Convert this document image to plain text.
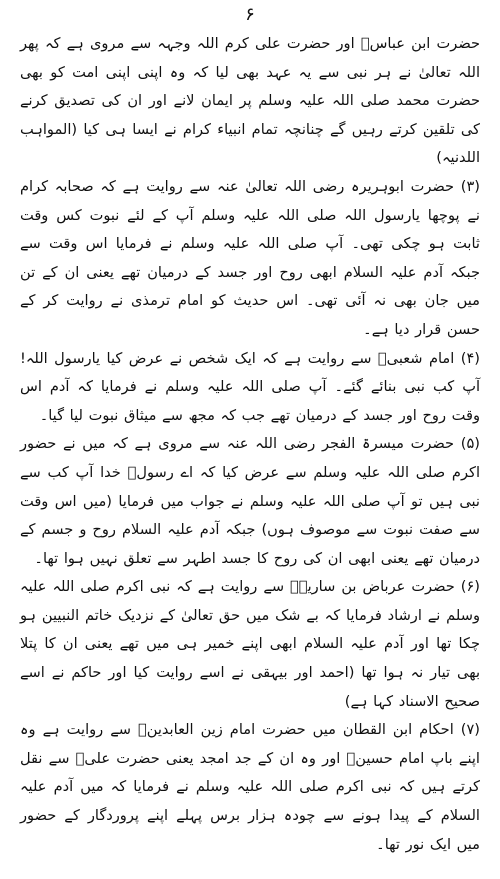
۶

حضرت ابن عباسؓ اور حضرت علی کرم اللہ وجہہ سے مروی ہے کہ پھر اللہ تعالیٰ نے ہر نبی سے یہ عہد بھی لیا کہ وہ اپنی اپنی امت کو بھی حضرت محمد صلی اللہ علیہ وسلم پر ایمان لانے اور ان کی تصدیق کرنے کی تلقین کرتے رہیں گے چنانچہ تمام انبیاء کرام نے ایسا ہی کیا (المواہب اللدنیہ)

(۳) حضرت ابوہریرہ رضی اللہ تعالیٰ عنہ سے روایت ہے کہ صحابہ کرام نے پوچھا یارسول اللہ صلی اللہ علیہ وسلم آپ کے لئے نبوت کس وقت ثابت ہو چکی تھی۔ آپ صلی اللہ علیہ وسلم نے فرمایا اس وقت سے جبکہ آدم علیہ السلام ابھی روح اور جسد کے درمیان تھے یعنی ان کے تن میں جان بھی نہ آئی تھی۔ اس حدیث کو امام ترمذی نے روایت کر کے حسن قرار دیا ہے۔

(۴) امام شعبیؒ سے روایت ہے کہ ایک شخص نے عرض کیا یارسول اللہ! آپ کب نبی بنائے گئے۔ آپ صلی اللہ علیہ وسلم نے فرمایا کہ آدم اس وقت روح اور جسد کے درمیان تھے جب کہ مجھ سے میثاق نبوت لیا گیا۔

(۵) حضرت میسرۃ الفجر رضی اللہ عنہ سے مروی ہے کہ میں نے حضور اکرم صلی اللہ علیہ وسلم سے عرض کیا کہ اے رسولؐ خدا آپ کب سے نبی ہیں تو آپ صلی اللہ علیہ وسلم نے جواب میں فرمایا (میں اس وقت سے صفت نبوت سے موصوف ہوں) جبکہ آدم علیہ السلام روح و جسم کے درمیان تھے یعنی ابھی ان کی روح کا جسد اطہر سے تعلق نہیں ہوا تھا۔

(۶) حضرت عرباض بن ساریہؓ سے روایت ہے کہ نبی اکرم صلی اللہ علیہ وسلم نے ارشاد فرمایا کہ بے شک میں حق تعالیٰ کے نزدیک خاتم النبیین ہو چکا تھا اور آدم علیہ السلام ابھی اپنے خمیر ہی میں تھے یعنی ان کا پتلا بھی تیار نہ ہوا تھا (احمد اور بیہقی نے اسے روایت کیا اور حاکم نے اسے صحیح الاسناد کہا ہے)

(۷) احکام ابن القطان میں حضرت امام زین العابدینؒ سے روایت ہے وہ اپنے باپ امام حسینؓ اور وہ ان کے جد امجد یعنی حضرت علیؓ سے نقل کرتے ہیں کہ نبی اکرم صلی اللہ علیہ وسلم نے فرمایا کہ میں آدم علیہ السلام کے پیدا ہونے سے چودہ ہزار برس پہلے اپنے پروردگار کے حضور میں ایک نور تھا۔
